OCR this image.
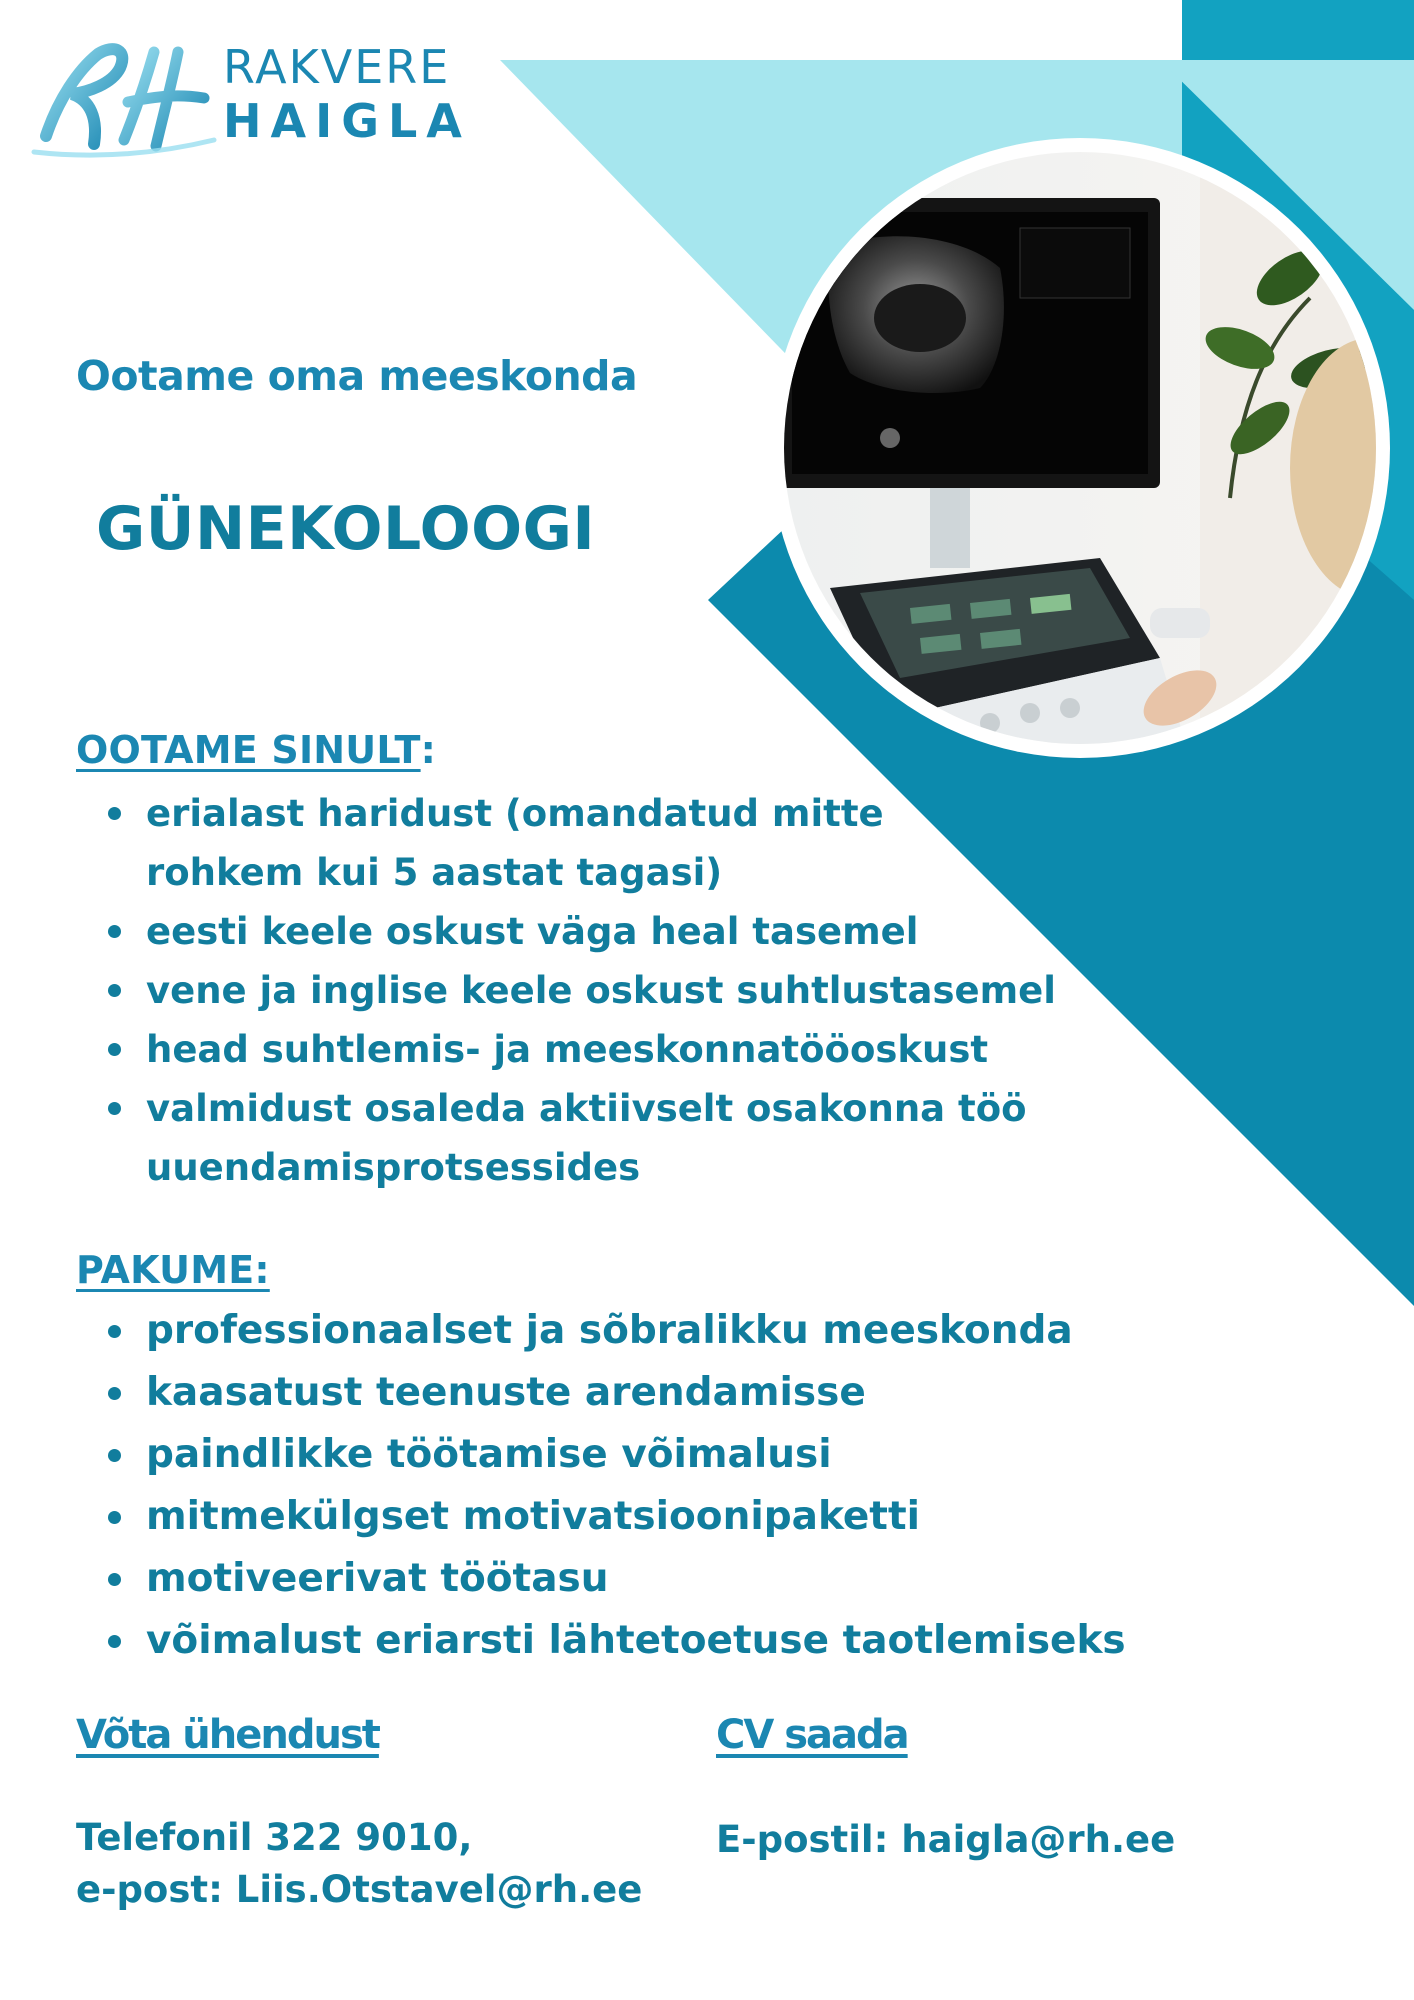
RAKVERE
HAIGLA
Ootame oma meeskonda
GÜNEKOLOOGI
OOTAME SINULT:
erialast haridust (omandatud mitte rohkem kui 5 aastat tagasi)
eesti keele oskust väga heal tasemel
vene ja inglise keele oskust suhtlustasemel
head suhtlemis- ja meeskonnatööoskust
valmidust osaleda aktiivselt osakonna töö uuendamisprotsessides
PAKUME:
professionaalset ja sõbralikku meeskonda
kaasatust teenuste arendamisse
paindlikke töötamise võimalusi
mitmekülgset motivatsioonipaketti
motiveerivat töötasu
võimalust eriarsti lähtetoetuse taotlemiseks
Võta ühendust	CV saada
Telefonil 322 9010,
e-post: Liis.Otstavel@rh.ee
E-postil: haigla@rh.ee
